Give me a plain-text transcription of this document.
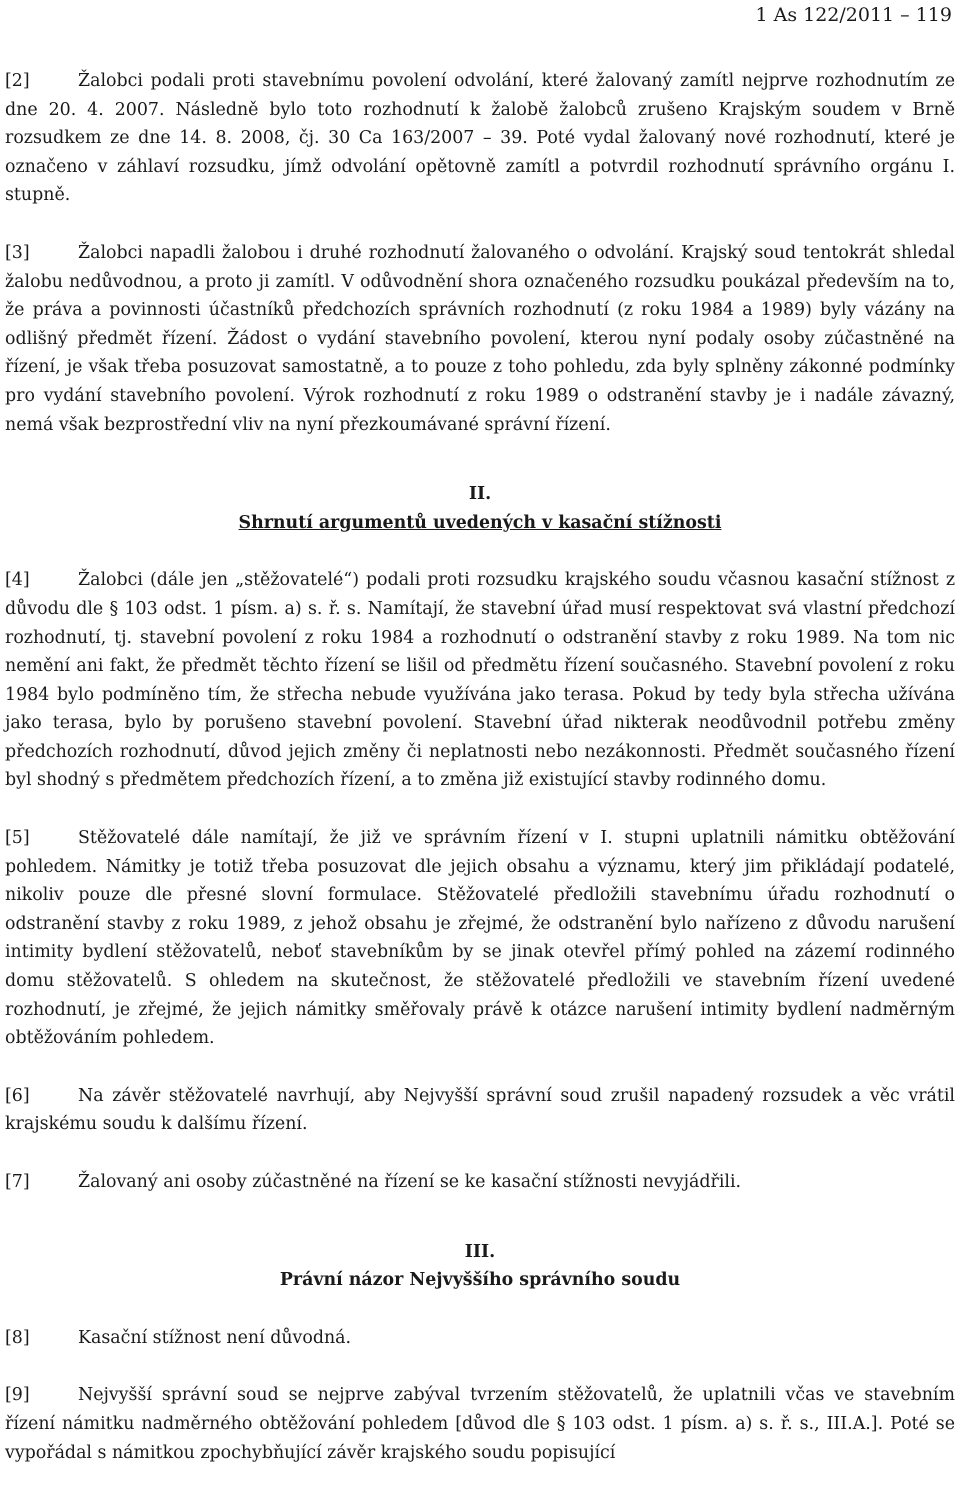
1 As 122/2011 – 119

[2]	Žalobci podali proti stavebnímu povolení odvolání, které žalovaný zamítl nejprve rozhodnutím ze dne 20. 4. 2007. Následně bylo toto rozhodnutí k žalobě žalobců zrušeno Krajským soudem v Brně rozsudkem ze dne 14. 8. 2008, čj. 30 Ca 163/2007 – 39. Poté vydal žalovaný nové rozhodnutí, které je označeno v záhlaví rozsudku, jímž odvolání opětovně zamítl a potvrdil rozhodnutí správního orgánu I. stupně.

[3]	Žalobci napadli žalobou i druhé rozhodnutí žalovaného o odvolání. Krajský soud tentokrát shledal žalobu nedůvodnou, a proto ji zamítl. V odůvodnění shora označeného rozsudku poukázal především na to, že práva a povinnosti účastníků předchozích správních rozhodnutí (z roku 1984 a 1989) byly vázány na odlišný předmět řízení. Žádost o vydání stavebního povolení, kterou nyní podaly osoby zúčastněné na řízení, je však třeba posuzovat samostatně, a to pouze z toho pohledu, zda byly splněny zákonné podmínky pro vydání stavebního povolení. Výrok rozhodnutí z roku 1989 o odstranění stavby je i nadále závazný, nemá však bezprostřední vliv na nyní přezkoumávané správní řízení.

II.

Shrnutí argumentů uvedených v kasační stížnosti

[4]	Žalobci (dále jen „stěžovatelé“) podali proti rozsudku krajského soudu včasnou kasační stížnost z důvodu dle § 103 odst. 1 písm. a) s. ř. s. Namítají, že stavební úřad musí respektovat svá vlastní předchozí rozhodnutí, tj. stavební povolení z roku 1984 a rozhodnutí o odstranění stavby z roku 1989. Na tom nic nemění ani fakt, že předmět těchto řízení se lišil od předmětu řízení současného. Stavební povolení z roku 1984 bylo podmíněno tím, že střecha nebude využívána jako terasa. Pokud by tedy byla střecha užívána jako terasa, bylo by porušeno stavební povolení. Stavební úřad nikterak neodůvodnil potřebu změny předchozích rozhodnutí, důvod jejich změny či neplatnosti nebo nezákonnosti. Předmět současného řízení byl shodný s předmětem předchozích řízení, a to změna již existující stavby rodinného domu.

[5]	Stěžovatelé dále namítají, že již ve správním řízení v I. stupni uplatnili námitku obtěžování pohledem. Námitky je totiž třeba posuzovat dle jejich obsahu a významu, který jim přikládají podatelé, nikoliv pouze dle přesné slovní formulace. Stěžovatelé předložili stavebnímu úřadu rozhodnutí o odstranění stavby z roku 1989, z jehož obsahu je zřejmé, že odstranění bylo nařízeno z důvodu narušení intimity bydlení stěžovatelů, neboť stavebníkům by se jinak otevřel přímý pohled na zázemí rodinného domu stěžovatelů. S ohledem na skutečnost, že stěžovatelé předložili ve stavebním řízení uvedené rozhodnutí, je zřejmé, že jejich námitky směřovaly právě k otázce narušení intimity bydlení nadměrným obtěžováním pohledem.

[6]	Na závěr stěžovatelé navrhují, aby Nejvyšší správní soud zrušil napadený rozsudek a věc vrátil krajskému soudu k dalšímu řízení.

[7]	Žalovaný ani osoby zúčastněné na řízení se ke kasační stížnosti nevyjádřili.

III.

Právní názor Nejvyššího správního soudu

[8]	Kasační stížnost není důvodná.

[9]	Nejvyšší správní soud se nejprve zabýval tvrzením stěžovatelů, že uplatnili včas ve stavebním řízení námitku nadměrného obtěžování pohledem [důvod dle § 103 odst. 1 písm. a) s. ř. s., III.A.]. Poté se vypořádal s námitkou zpochybňující závěr krajského soudu popisující
